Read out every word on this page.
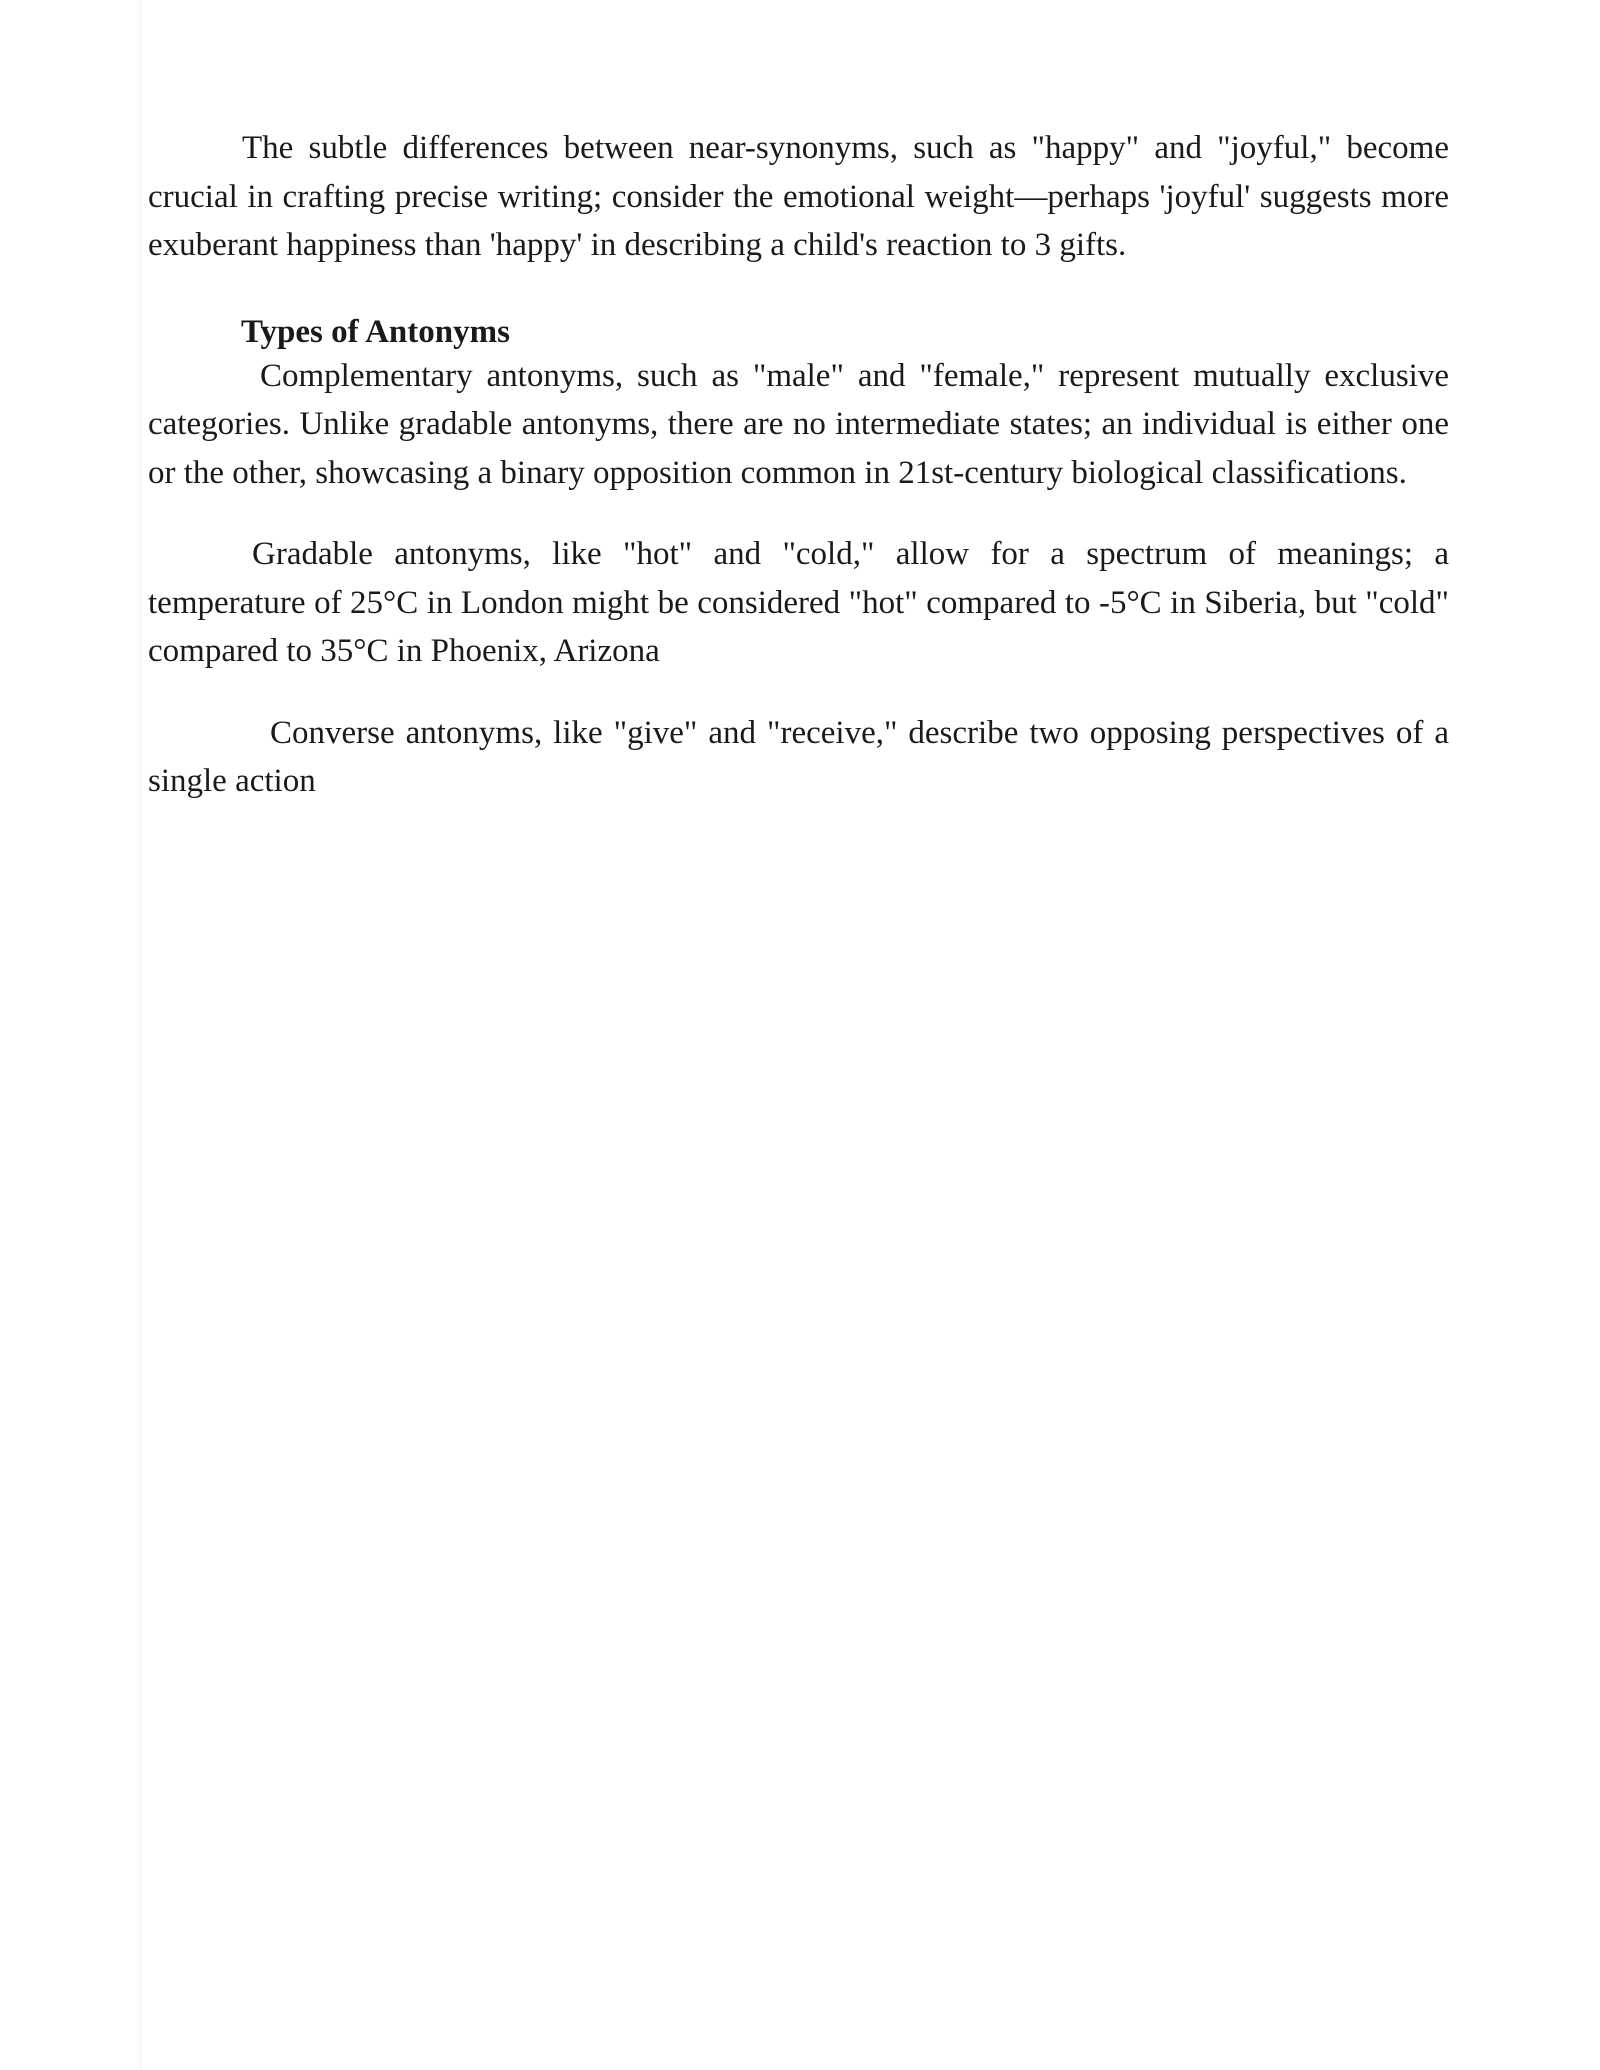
The subtle differences between near-synonyms, such as "happy" and "joyful," become crucial in crafting precise writing; consider the emotional weight—perhaps 'joyful' suggests more exuberant happiness than 'happy' in describing a child's reaction to 3 gifts.

Types of Antonyms

Complementary antonyms, such as "male" and "female," represent mutually exclusive categories. Unlike gradable antonyms, there are no intermediate states; an individual is either one or the other, showcasing a binary opposition common in 21st-century biological classifications.

Gradable antonyms, like "hot" and "cold," allow for a spectrum of meanings; a temperature of 25°C in London might be considered "hot" compared to -5°C in Siberia, but "cold" compared to 35°C in Phoenix, Arizona

Converse antonyms, like "give" and "receive," describe two opposing perspectives of a single action
